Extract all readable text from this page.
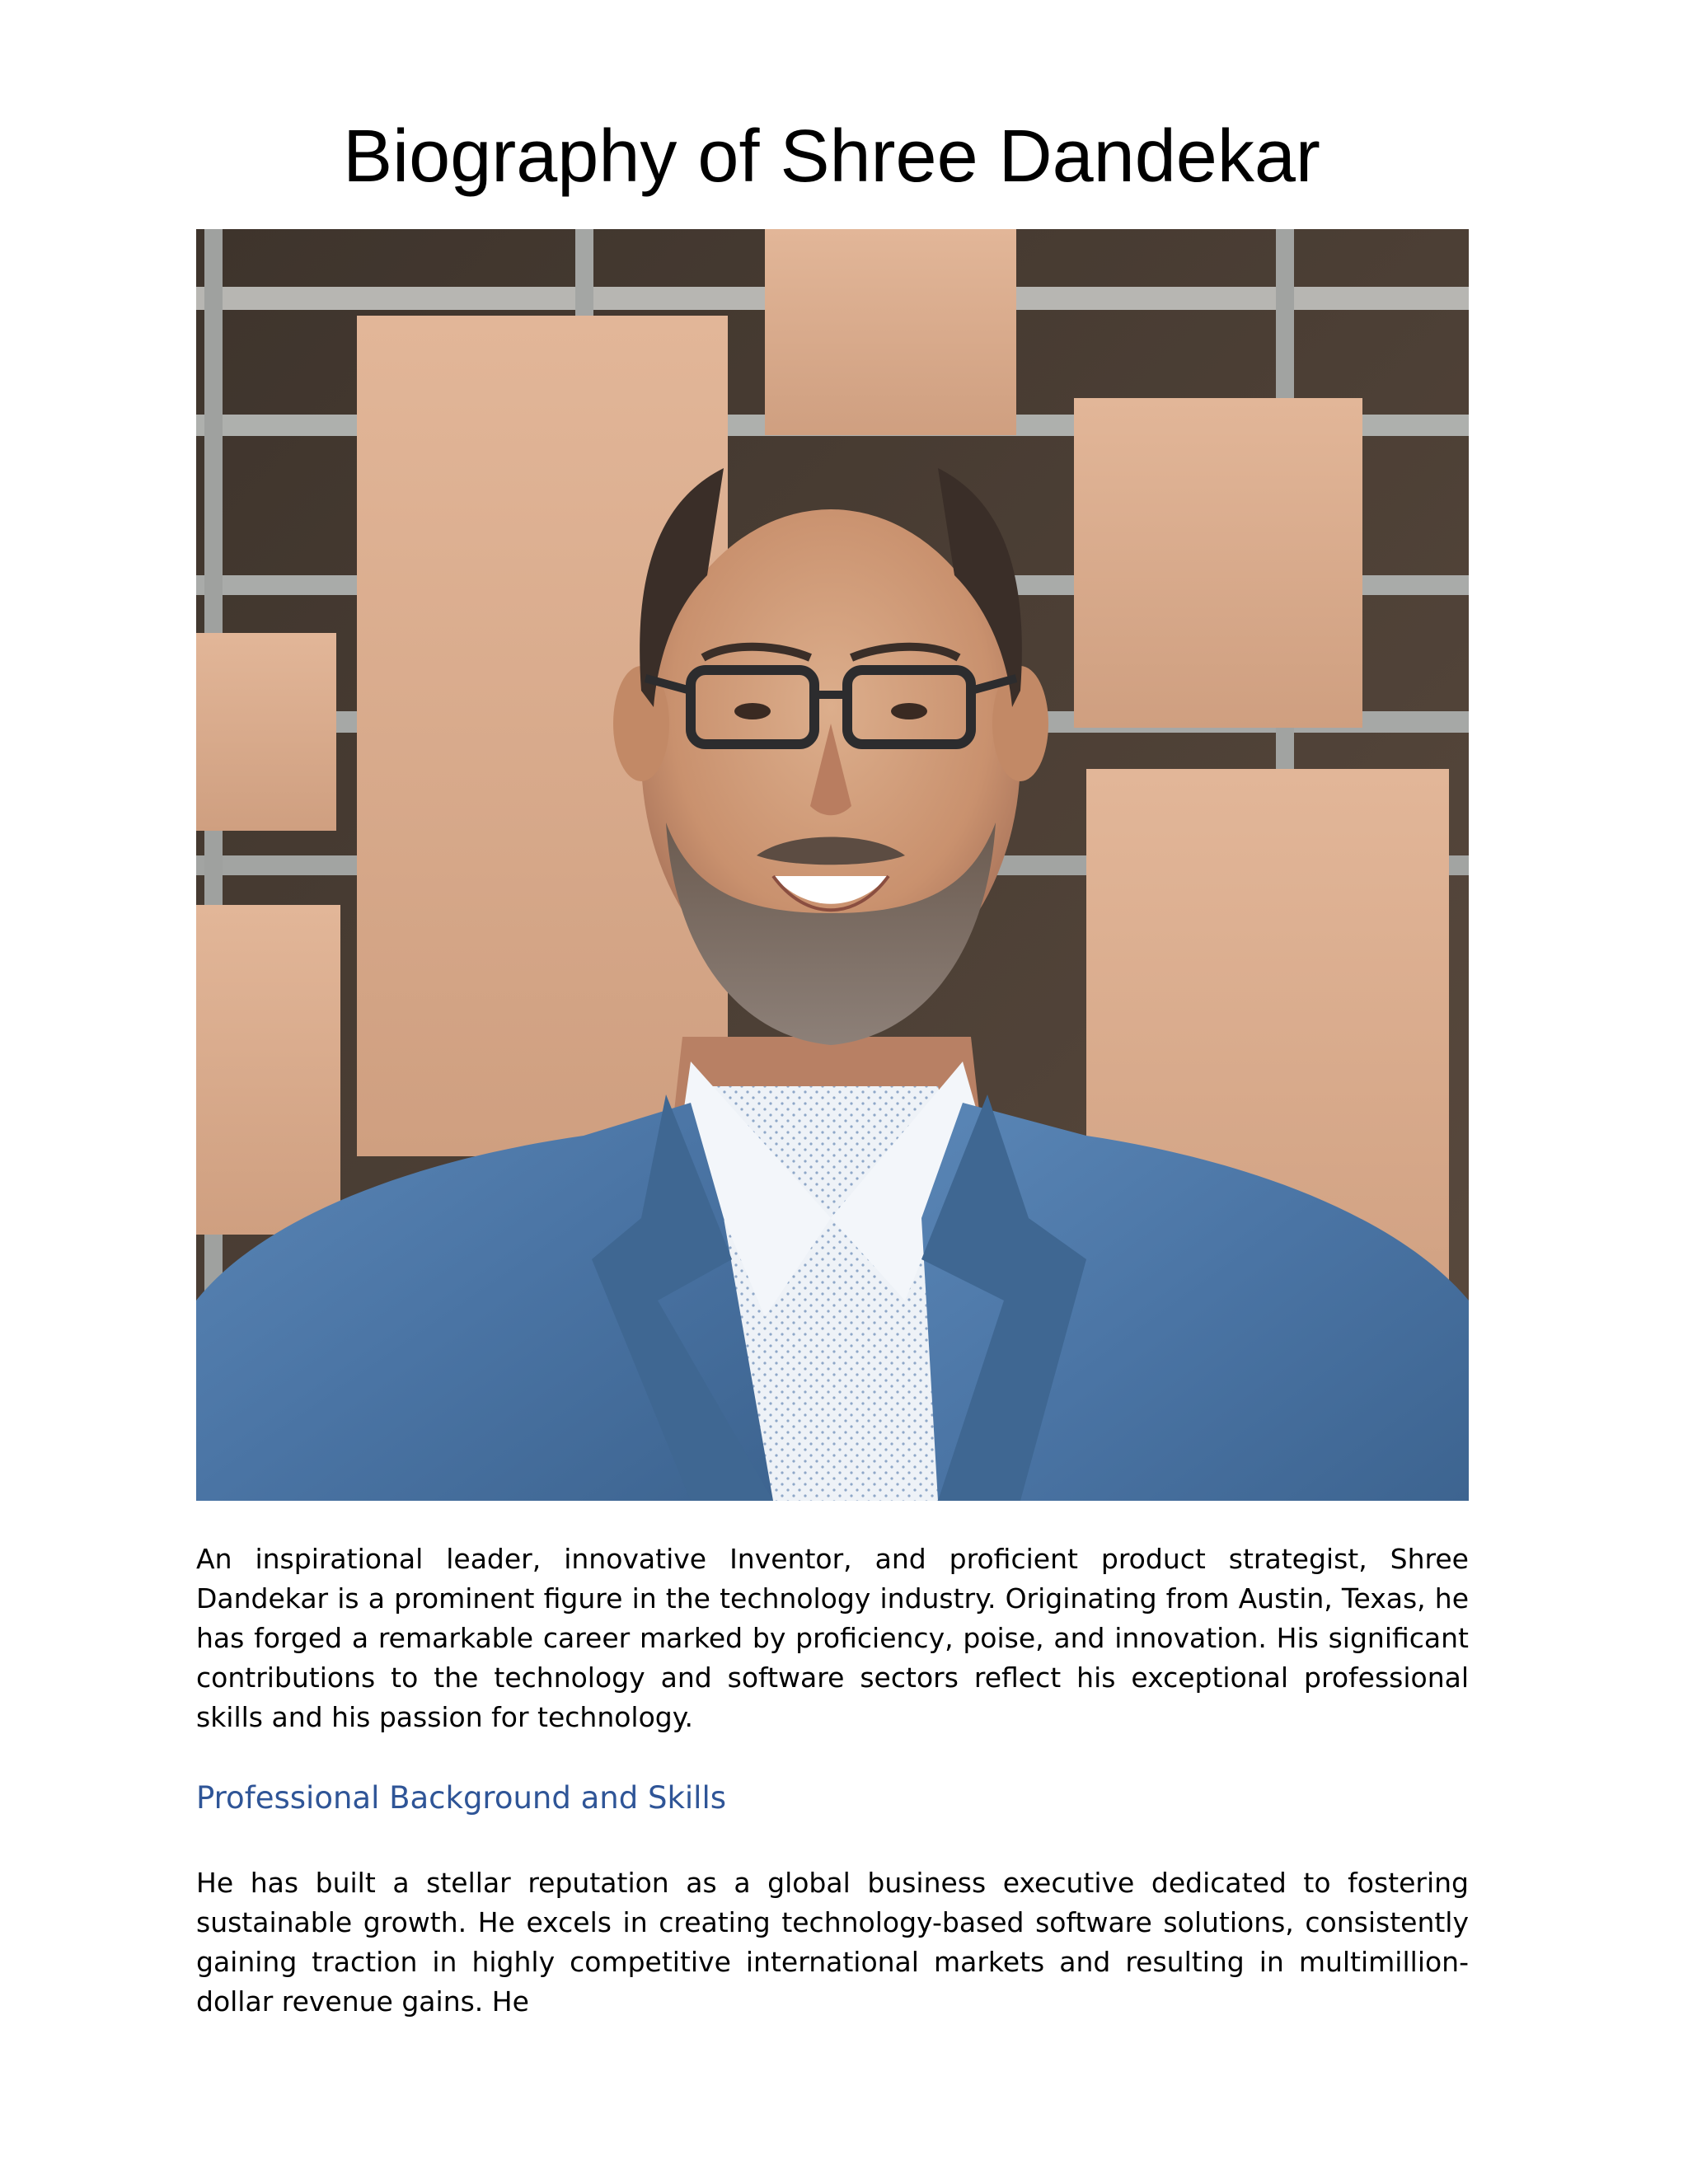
Biography of Shree Dandekar

An inspirational leader, innovative Inventor, and proficient product strategist, Shree Dandekar is a prominent figure in the technology industry. Originating from Austin, Texas, he has forged a remarkable career marked by proficiency, poise, and innovation. His significant contributions to the technology and software sectors reflect his exceptional professional skills and his passion for technology.

Professional Background and Skills

He has built a stellar reputation as a global business executive dedicated to fostering sustainable growth. He excels in creating technology-based software solutions, consistently gaining traction in highly competitive international markets and resulting in multimillion-dollar revenue gains. He
